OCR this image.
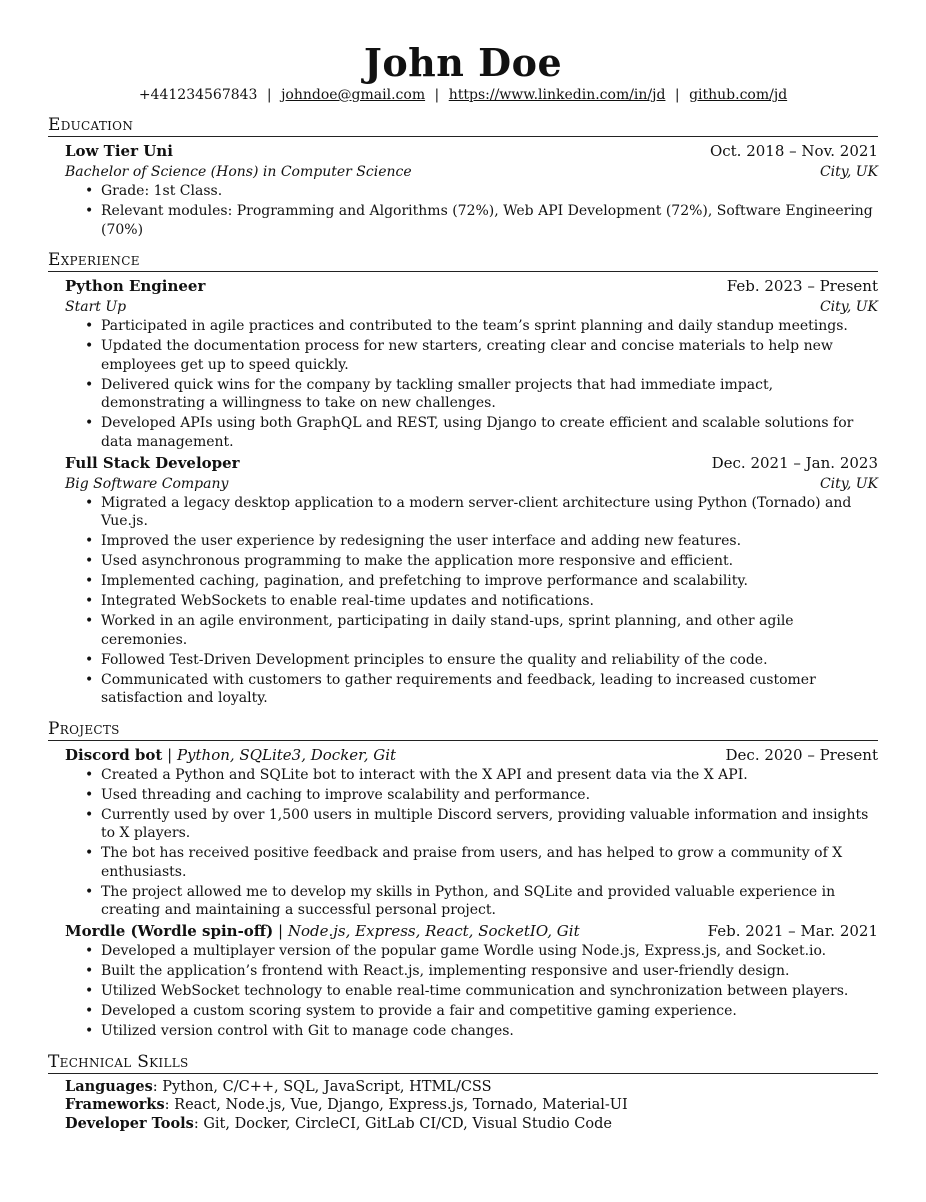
John Doe
+441234567843 | johndoe@gmail.com | https://www.linkedin.com/in/jd | github.com/jd
Education
Low Tier Uni	Oct. 2018 – Nov. 2021
Bachelor of Science (Hons) in Computer Science	City, UK
• Grade: 1st Class.
• Relevant modules: Programming and Algorithms (72%), Web API Development (72%), Software Engineering (70%)
Experience
Python Engineer	Feb. 2023 – Present
Start Up	City, UK
• Participated in agile practices and contributed to the team’s sprint planning and daily standup meetings.
• Updated the documentation process for new starters, creating clear and concise materials to help new employees get up to speed quickly.
• Delivered quick wins for the company by tackling smaller projects that had immediate impact, demonstrating a willingness to take on new challenges.
• Developed APIs using both GraphQL and REST, using Django to create efficient and scalable solutions for data management.
Full Stack Developer	Dec. 2021 – Jan. 2023
Big Software Company	City, UK
• Migrated a legacy desktop application to a modern server-client architecture using Python (Tornado) and Vue.js.
• Improved the user experience by redesigning the user interface and adding new features.
• Used asynchronous programming to make the application more responsive and efficient.
• Implemented caching, pagination, and prefetching to improve performance and scalability.
• Integrated WebSockets to enable real-time updates and notifications.
• Worked in an agile environment, participating in daily stand-ups, sprint planning, and other agile ceremonies.
• Followed Test-Driven Development principles to ensure the quality and reliability of the code.
• Communicated with customers to gather requirements and feedback, leading to increased customer satisfaction and loyalty.
Projects
Discord bot | Python, SQLite3, Docker, Git	Dec. 2020 – Present
• Created a Python and SQLite bot to interact with the X API and present data via the X API.
• Used threading and caching to improve scalability and performance.
• Currently used by over 1,500 users in multiple Discord servers, providing valuable information and insights to X players.
• The bot has received positive feedback and praise from users, and has helped to grow a community of X enthusiasts.
• The project allowed me to develop my skills in Python, and SQLite and provided valuable experience in creating and maintaining a successful personal project.
Mordle (Wordle spin-off) | Node.js, Express, React, SocketIO, Git	Feb. 2021 – Mar. 2021
• Developed a multiplayer version of the popular game Wordle using Node.js, Express.js, and Socket.io.
• Built the application’s frontend with React.js, implementing responsive and user-friendly design.
• Utilized WebSocket technology to enable real-time communication and synchronization between players.
• Developed a custom scoring system to provide a fair and competitive gaming experience.
• Utilized version control with Git to manage code changes.
Technical Skills
Languages: Python, C/C++, SQL, JavaScript, HTML/CSS
Frameworks: React, Node.js, Vue, Django, Express.js, Tornado, Material-UI
Developer Tools: Git, Docker, CircleCI, GitLab CI/CD, Visual Studio Code
